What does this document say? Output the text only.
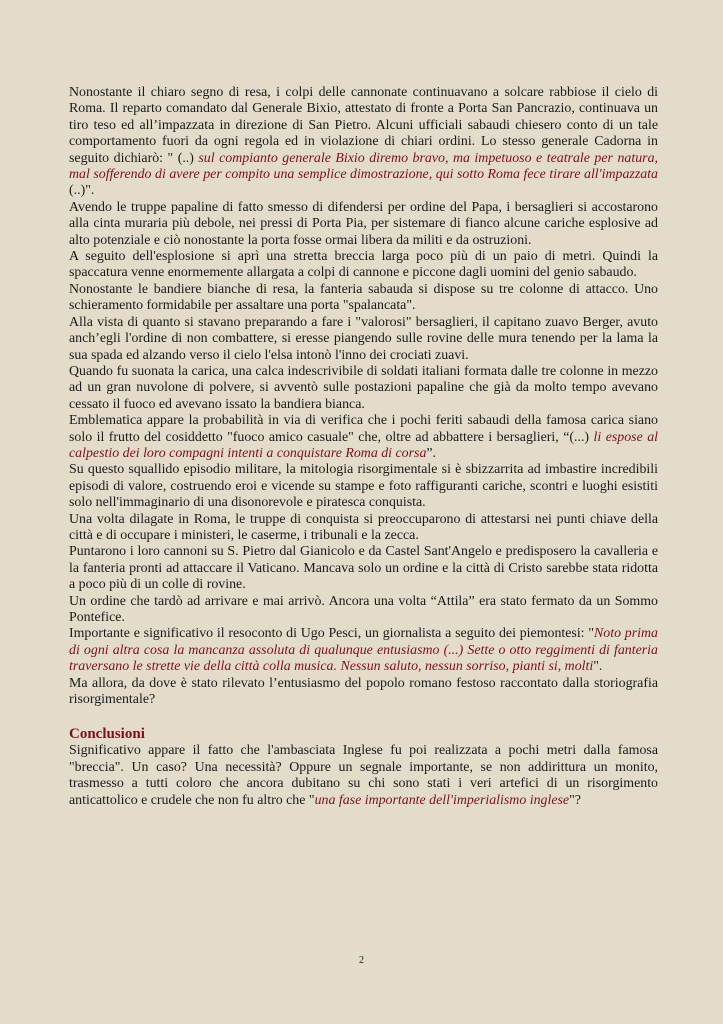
Nonostante il chiaro segno di resa, i colpi delle cannonate continuavano a solcare rabbiose il cielo di Roma. Il reparto comandato dal Generale Bixio, attestato di fronte a Porta San Pancrazio, continuava un tiro teso ed all’impazzata in direzione di San Pietro. Alcuni ufficiali sabaudi chiesero conto di un tale comportamento fuori da ogni regola ed in violazione di chiari ordini. Lo stesso generale Cadorna in seguito dichiarò: " (..) sul compianto generale Bixio diremo bravo, ma impetuoso e teatrale per natura, mal sofferendo di avere per compito una semplice dimostrazione, qui sotto Roma fece tirare all'impazzata (..)".

Avendo le truppe papaline di fatto smesso di difendersi per ordine del Papa, i bersaglieri si accostarono alla cinta muraria più debole, nei pressi di Porta Pia, per sistemare di fianco alcune cariche esplosive ad alto potenziale e ciò nonostante la porta fosse ormai libera da militi e da ostruzioni.

A seguito dell'esplosione si aprì una stretta breccia larga poco più di un paio di metri. Quindi la spaccatura venne enormemente allargata a colpi di cannone e piccone dagli uomini del genio sabaudo.

Nonostante le bandiere bianche di resa, la fanteria sabauda si dispose su tre colonne di attacco. Uno schieramento formidabile per assaltare una porta "spalancata".

Alla vista di quanto si stavano preparando a fare i "valorosi" bersaglieri, il capitano zuavo Berger, avuto anch’egli l'ordine di non combattere, si eresse piangendo sulle rovine delle mura tenendo per la lama la sua spada ed alzando verso il cielo l'elsa intonò l'inno dei crociati zuavi.

Quando fu suonata la carica, una calca indescrivibile di soldati italiani formata dalle tre colonne in mezzo ad un gran nuvolone di polvere, si avventò sulle postazioni papaline che già da molto tempo avevano cessato il fuoco ed avevano issato la bandiera bianca.

Emblematica appare la probabilità in via di verifica che i pochi feriti sabaudi della famosa carica siano solo il frutto del cosiddetto "fuoco amico casuale" che, oltre ad abbattere i bersaglieri, “(...) li espose al calpestio dei loro compagni intenti a conquistare Roma di corsa”.

Su questo squallido episodio militare, la mitologia risorgimentale si è sbizzarrita ad imbastire incredibili episodi di valore, costruendo eroi e vicende su stampe e foto raffiguranti cariche, scontri e luoghi esistiti solo nell'immaginario di una disonorevole e piratesca conquista.

Una volta dilagate in Roma, le truppe di conquista si preoccuparono di attestarsi nei punti chiave della città e di occupare i ministeri, le caserme, i tribunali e la zecca.

Puntarono i loro cannoni su S. Pietro dal Gianicolo e da Castel Sant'Angelo e predisposero la cavalleria e la fanteria pronti ad attaccare il Vaticano. Mancava solo un ordine e la città di Cristo sarebbe stata ridotta a poco più di un colle di rovine.

Un ordine che tardò ad arrivare e mai arrivò. Ancora una volta “Attila” era stato fermato da un Sommo Pontefice.

Importante e significativo il resoconto di Ugo Pesci, un giornalista a seguito dei piemontesi: "Noto prima di ogni altra cosa la mancanza assoluta di qualunque entusiasmo (...) Sette o otto reggimenti di fanteria traversano le strette vie della città colla musica. Nessun saluto, nessun sorriso, pianti si, molti".

Ma allora, da dove è stato rilevato l’entusiasmo del popolo romano festoso raccontato dalla storiografia risorgimentale?

Conclusioni

Significativo appare il fatto che l'ambasciata Inglese fu poi realizzata a pochi metri dalla famosa "breccia". Un caso? Una necessità? Oppure un segnale importante, se non addirittura un monito, trasmesso a tutti coloro che ancora dubitano su chi sono stati i veri artefici di un risorgimento anticattolico e crudele che non fu altro che "una fase importante dell'imperialismo inglese"?

2
